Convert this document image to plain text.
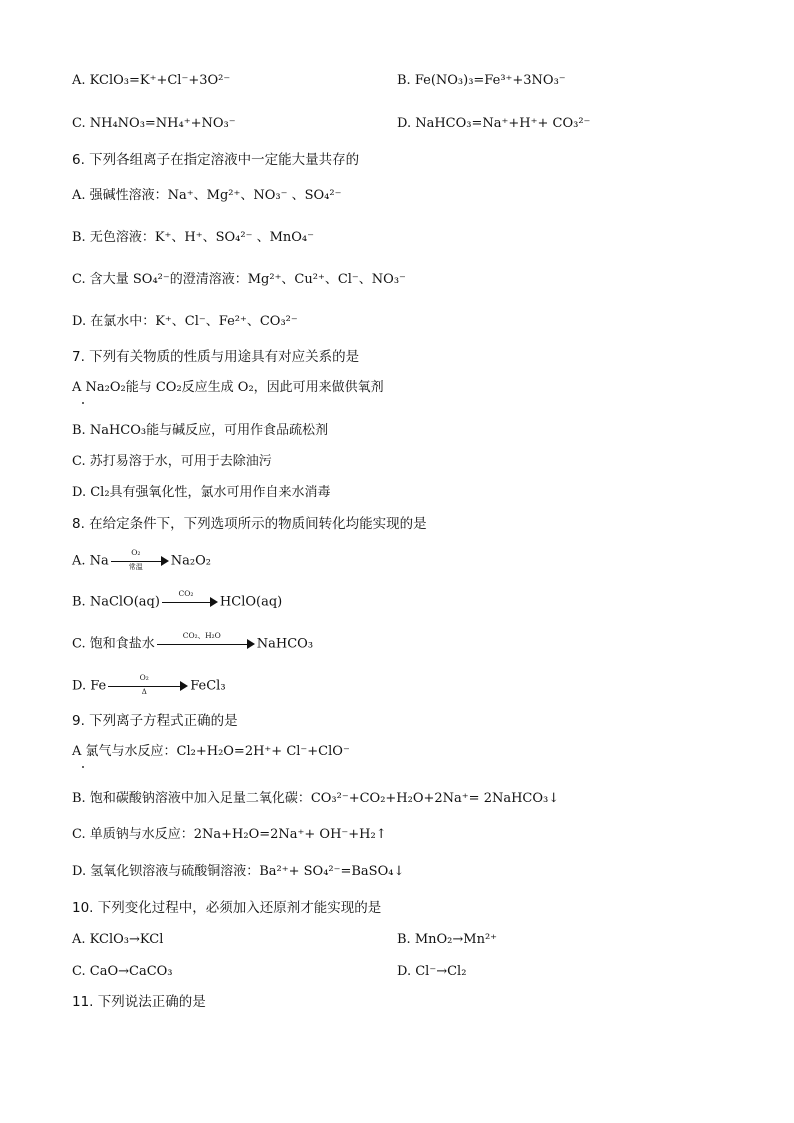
A. KClO₃=K⁺+Cl⁻+3O²⁻	B. Fe(NO₃)₃=Fe³⁺+3NO₃⁻
C. NH₄NO₃=NH₄⁺+NO₃⁻	D. NaHCO₃=Na⁺+H⁺+ CO₃²⁻
6. 下列各组离子在指定溶液中一定能大量共存的
A. 强碱性溶液：Na⁺、Mg²⁺、NO₃⁻ 、SO₄²⁻
B. 无色溶液：K⁺、H⁺、SO₄²⁻ 、MnO₄⁻
C. 含大量 SO₄²⁻的澄清溶液：Mg²⁺、Cu²⁺、Cl⁻、NO₃⁻
D. 在氯水中：K⁺、Cl⁻、Fe²⁺、CO₃²⁻
7. 下列有关物质的性质与用途具有对应关系的是
A Na₂O₂能与 CO₂反应生成 O₂，因此可用来做供氧剂
B. NaHCO₃能与碱反应，可用作食品疏松剂
C. 苏打易溶于水，可用于去除油污
D. Cl₂具有强氧化性，氯水可用作自来水消毒
8. 在给定条件下，下列选项所示的物质间转化均能实现的是
A. Na
O₂
常温	Na₂O₂
B. NaClO(aq)
CO₂
HClO(aq)
C. 饱和食盐水
CO₂、H₂O
NaHCO₃
D. Fe $\frac{\text{O₂}}{\Delta}$ FeCl₃
9. 下列离子方程式正确的是
A 氯气与水反应：Cl₂+H₂O=2H⁺+ Cl⁻+ClO⁻
B. 饱和碳酸钠溶液中加入足量二氧化碳：CO₃²⁻+CO₂+H₂O+2Na⁺= 2NaHCO₃↓
C. 单质钠与水反应：2Na+H₂O=2Na⁺+ OH⁻+H₂↑
D. 氢氧化钡溶液与硫酸铜溶液：Ba²⁺+ SO₄²⁻=BaSO₄↓
10. 下列变化过程中，必须加入还原剂才能实现的是
A. KClO₃→KCl	B. MnO₂→Mn²⁺
C. CaO→CaCO₃	D. Cl⁻→Cl₂
11. 下列说法正确的是
